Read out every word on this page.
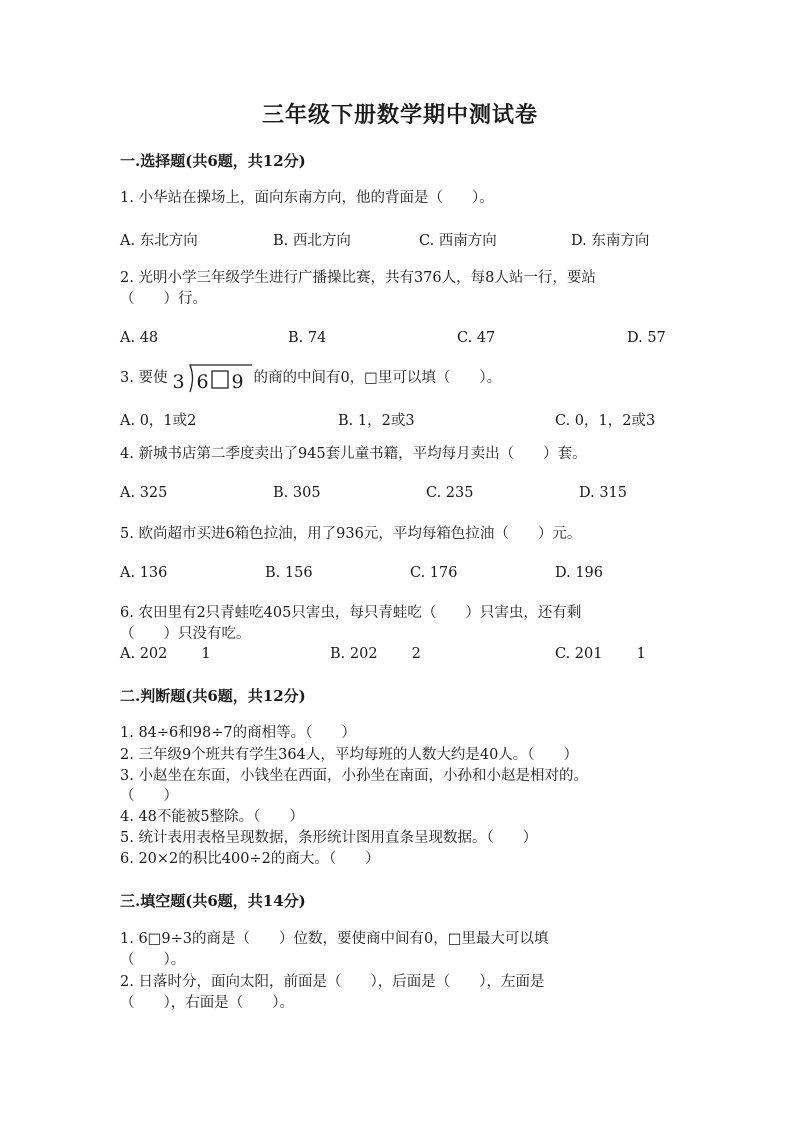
三年级下册数学期中测试卷
一.选择题(共6题，共12分)
1. 小华站在操场上，面向东南方向，他的背面是（　　）。
A. 东北方向	B. 西北方向	C. 西南方向	D. 东南方向
2. 光明小学三年级学生进行广播操比赛，共有376人，每8人站一行，要站
（　　）行。
A. 48	B. 74	C. 47	D. 57
3. 要使 3 6 9 的商的中间有0，□里可以填（　　）。
A. 0，1或2	B. 1，2或3	C. 0，1，2或3
4. 新城书店第二季度卖出了945套儿童书籍，平均每月卖出（　　）套。
A. 325	B. 305	C. 235	D. 315
5. 欧尚超市买进6箱色拉油，用了936元，平均每箱色拉油（　　）元。
A. 136	B. 156	C. 176	D. 196
6. 农田里有2只青蛙吃405只害虫，每只青蛙吃（　　）只害虫，还有剩
（　　）只没有吃。
A. 202 1	B. 202 2	C. 201 1
二.判断题(共6题，共12分)
1. 84÷6和98÷7的商相等。（　　）
2. 三年级9个班共有学生364人，平均每班的人数大约是40人。（　　）
3. 小赵坐在东面，小钱坐在西面，小孙坐在南面，小孙和小赵是相对的。
（　　）
4. 48不能被5整除。（　　）
5. 统计表用表格呈现数据，条形统计图用直条呈现数据。（　　）
6. 20×2的积比400÷2的商大。（　　）
三.填空题(共6题，共14分)
1. 6□9÷3的商是（　　）位数，要使商中间有0，□里最大可以填
（　　）。
2. 日落时分，面向太阳，前面是（　　），后面是（　　），左面是
（　　），右面是（　　）。
